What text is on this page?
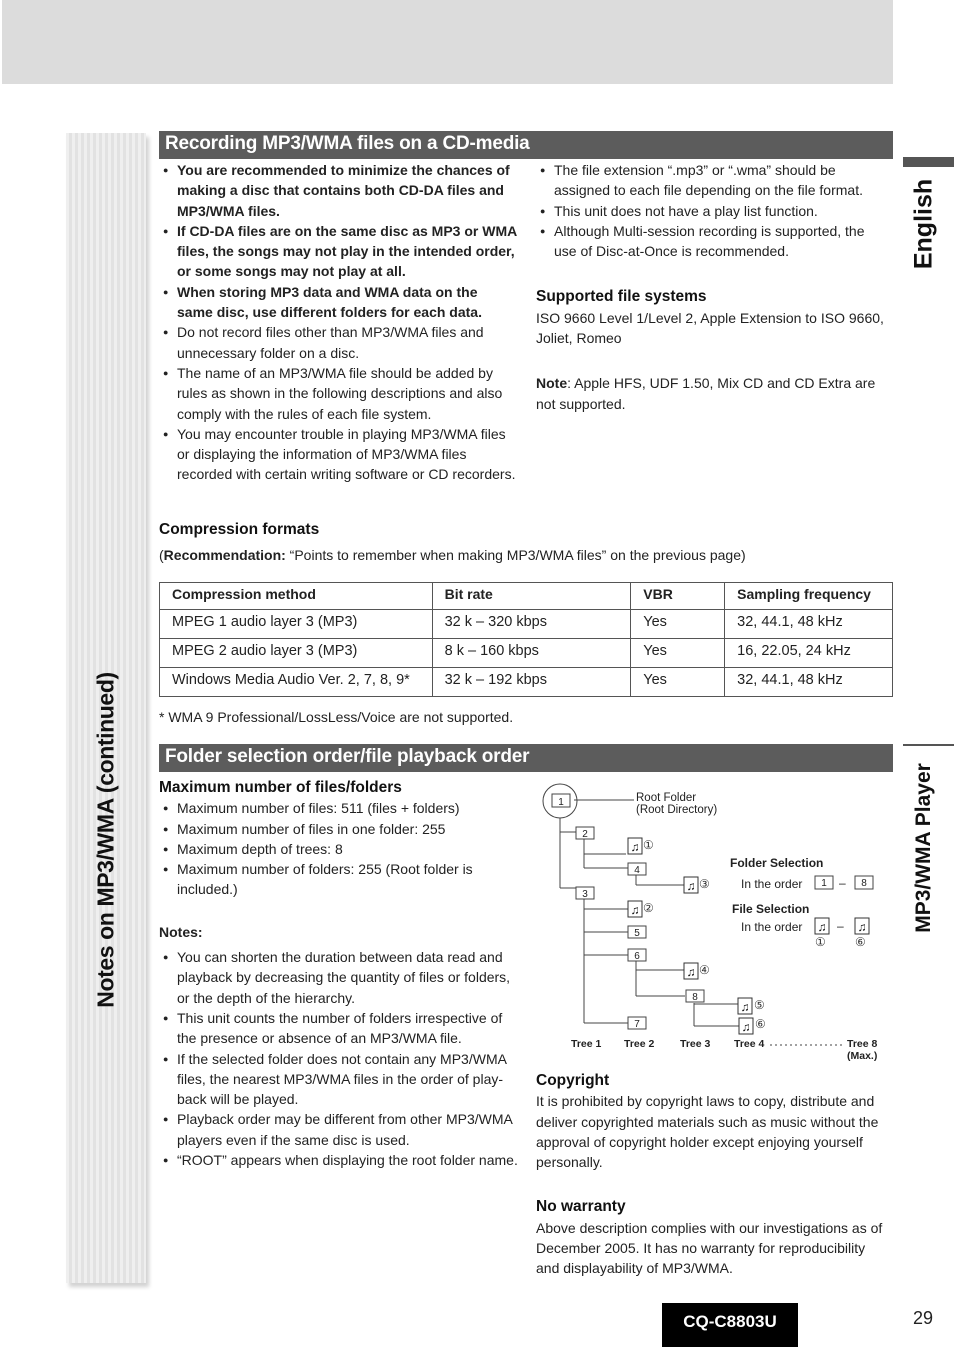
Notes on MP3/WMA (continued)
English
MP3/WMA Player
Recording MP3/WMA files on a CD-media
● You are recommended to minimize the chances of making a disc that contains both CD-DA files and MP3/WMA files.
● If CD-DA files are on the same disc as MP3 or WMA files, the songs may not play in the intended order, or some songs may not play at all.
● When storing MP3 data and WMA data on the same disc, use different folders for each data.
● Do not record files other than MP3/WMA files and unnecessary folder on a disc.
● The name of an MP3/WMA file should be added by rules as shown in the following descriptions and also comply with the rules of each file system.
● You may encounter trouble in playing MP3/WMA files or displaying the information of MP3/WMA files recorded with certain writing software or CD recorders.
● The file extension “.mp3” or “.wma” should be assigned to each file depending on the file format.
● This unit does not have a play list function.
● Although Multi-session recording is supported, the use of Disc-at-Once is recommended.
Supported file systems
ISO 9660 Level 1/Level 2, Apple Extension to ISO 9660, Joliet, Romeo
Note: Apple HFS, UDF 1.50, Mix CD and CD Extra are not supported.
Compression formats
(Recommendation: “Points to remember when making MP3/WMA files” on the previous page)
Compression method	Bit rate	VBR	Sampling frequency
MPEG 1 audio layer 3 (MP3)	32 k – 320 kbps	Yes	32, 44.1, 48 kHz
MPEG 2 audio layer 3 (MP3)	8 k – 160 kbps	Yes	16, 22.05, 24 kHz
Windows Media Audio Ver. 2, 7, 8, 9*	32 k – 192 kbps	Yes	32, 44.1, 48 kHz
* WMA 9 Professional/LossLess/Voice are not supported.
Folder selection order/file playback order
Maximum number of files/folders
● Maximum number of files: 511 (files + folders)
● Maximum number of files in one folder: 255
● Maximum depth of trees: 8
● Maximum number of folders: 255 (Root folder is included.)
Notes:
● You can shorten the duration between data read and playback by decreasing the quantity of files or folders, or the depth of the hierarchy.
● This unit counts the number of folders irrespective of the presence or absence of an MP3/WMA file.
● If the selected folder does not contain any MP3/WMA files, the nearest MP3/WMA files in the order of play-back will be played.
● Playback order may be different from other MP3/WMA players even if the same disc is used.
● “ROOT” appears when displaying the root folder name.
1
2
3
4
5
6
7
8
1	8
♫
♫
♫
♫
♫
♫
♫	♫
①
③
②
④
⑤
⑥
① ⑥
Root Folder
(Root Directory)
Folder Selection
In the order	–
File Selection
In the order	–
Tree 1 Tree 2 Tree 3 Tree 4	Tree 8
(Max.)
Copyright
It is prohibited by copyright laws to copy, distribute and deliver copyrighted materials such as music without the approval of copyright holder except enjoying yourself personally.
No warranty
Above description complies with our investigations as of December 2005. It has no warranty for reproducibility and displayability of MP3/WMA.
CQ-C8803U	29
